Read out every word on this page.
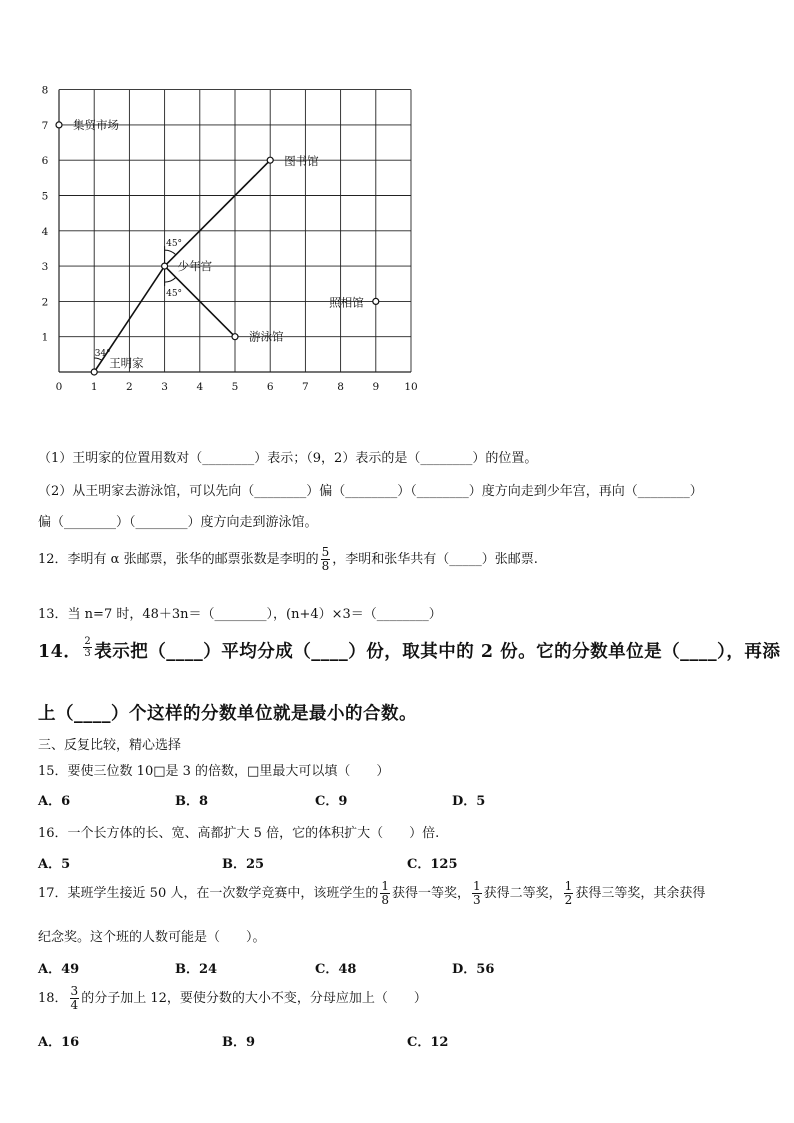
0	1	2	3	4	5	6	7	8	9 10
1
2
3
4
5
6
7
8
34°
45°
45°
集贸市场
图书馆
少年宫
照相馆
游泳馆
王明家
（1）王明家的位置用数对（________）表示；（9，2）表示的是（________）的位置。
（2）从王明家去游泳馆，可以先向（________）偏（________）（________）度方向走到少年宫，再向（________）
偏（________）（________）度方向走到游泳馆。
12．李明有 α 张邮票，张华的邮票张数是李明的 $\frac{5}{8}$ ，李明和张华共有（_____）张邮票.
13．当 n=7 时，48＋3n＝（________），(n+4）×3＝（________）
14． $\frac{2}{3}$ 表示把（____）平均分成（____）份，取其中的 2 份。它的分数单位是（____），再添
上（____）个这样的分数单位就是最小的合数。
三、反复比较，精心选择
15．要使三位数 10□是 3 的倍数，□里最大可以填（　　）
A．6	B．8	C．9	D．5
16．一个长方体的长、宽、高都扩大 5 倍，它的体积扩大（　　）倍.
A．5	B．25	C．125
17．某班学生接近 50 人，在一次数学竞赛中，该班学生的 $\frac{1}{8}$ 获得一等奖， $\frac{1}{3}$ 获得二等奖， $\frac{1}{2}$ 获得三等奖，其余获得
纪念奖。这个班的人数可能是（　　）。
A．49	B．24	C．48	D．56
18． $\frac{3}{4}$ 的分子加上 12，要使分数的大小不变，分母应加上（　　）
A．16	B．9	C．12
